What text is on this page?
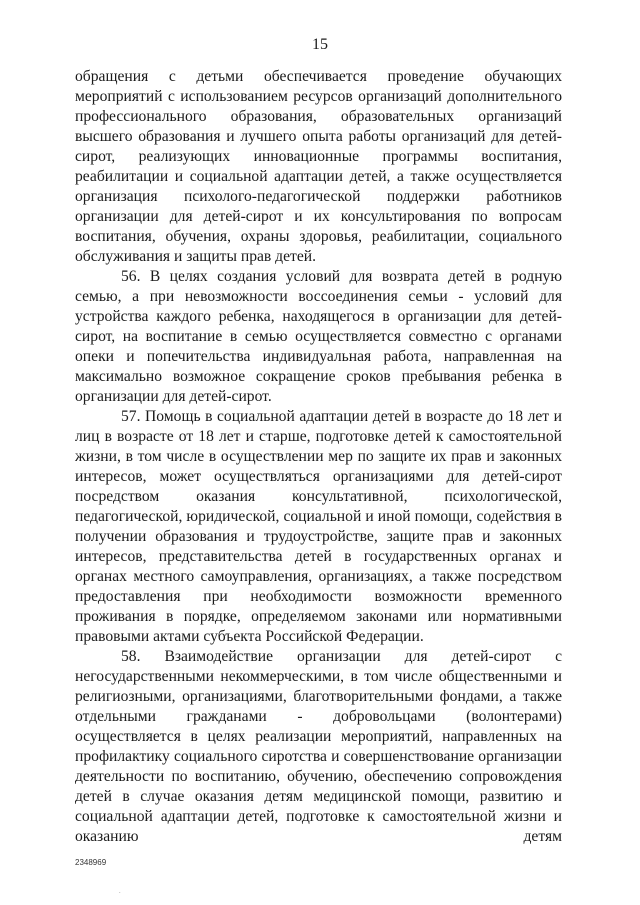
15

обращения с детьми обеспечивается проведение обучающих мероприятий с использованием ресурсов организаций дополнительного профессионального образования, образовательных организаций высшего образования и лучшего опыта работы организаций для детей-сирот, реализующих инновационные программы воспитания, реабилитации и социальной адаптации детей, а также осуществляется организация психолого-педагогической поддержки работников организации для детей-сирот и их консультирования по вопросам воспитания, обучения, охраны здоровья, реабилитации, социального обслуживания и защиты прав детей.

56. В целях создания условий для возврата детей в родную семью, а при невозможности воссоединения семьи - условий для устройства каждого ребенка, находящегося в организации для детей-сирот, на воспитание в семью осуществляется совместно с органами опеки и попечительства индивидуальная работа, направленная на максимально возможное сокращение сроков пребывания ребенка в организации для детей-сирот.

57. Помощь в социальной адаптации детей в возрасте до 18 лет и лиц в возрасте от 18 лет и старше, подготовке детей к самостоятельной жизни, в том числе в осуществлении мер по защите их прав и законных интересов, может осуществляться организациями для детей-сирот посредством оказания консультативной, психологической, педагогической, юридической, социальной и иной помощи, содействия в получении образования и трудоустройстве, защите прав и законных интересов, представительства детей в государственных органах и органах местного самоуправления, организациях, а также посредством предоставления при необходимости возможности временного проживания в порядке, определяемом законами или нормативными правовыми актами субъекта Российской Федерации.

58. Взаимодействие организации для детей-сирот с негосударственными некоммерческими, в том числе общественными и религиозными, организациями, благотворительными фондами, а также отдельными гражданами - добровольцами (волонтерами) осуществляется в целях реализации мероприятий, направленных на профилактику социального сиротства и совершенствование организации деятельности по воспитанию, обучению, обеспечению сопровождения детей в случае оказания детям медицинской помощи, развитию и социальной адаптации детей, подготовке к самостоятельной жизни и оказанию детям

2348969
.
